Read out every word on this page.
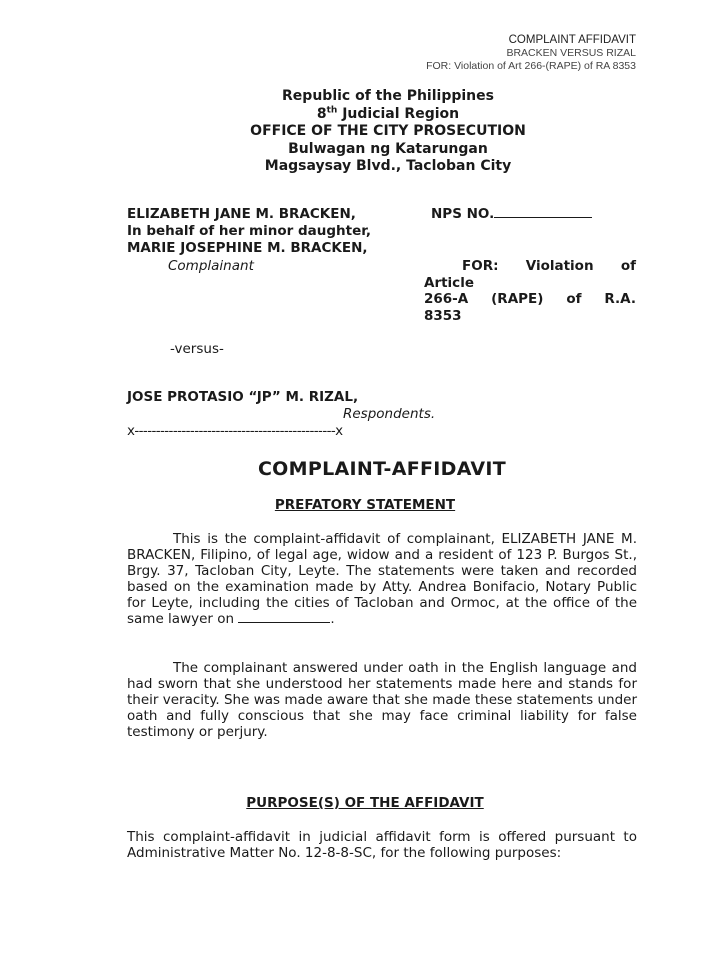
COMPLAINT AFFIDAVIT
BRACKEN VERSUS RIZAL
FOR: Violation of Art 266-(RAPE) of RA 8353
Republic of the Philippines
8th Judicial Region
OFFICE OF THE CITY PROSECUTION
Bulwagan ng Katarungan
Magsaysay Blvd., Tacloban City
ELIZABETH JANE M. BRACKEN,	NPS NO.
In behalf of her minor daughter,
MARIE JOSEPHINE M. BRACKEN,
Complainant	FOR: Violation of
Article
266-A (RAPE) of R.A.
8353
-versus-
JOSE PROTASIO “JP” M. RIZAL,
Respondents.
x-----------------------------------------------x
COMPLAINT-AFFIDAVIT
PREFATORY STATEMENT
This is the complaint-affidavit of complainant, ELIZABETH JANE M. BRACKEN, Filipino, of legal age, widow and a resident of 123 P. Burgos St., Brgy. 37, Tacloban City, Leyte. The statements were taken and recorded based on the examination made by Atty. Andrea Bonifacio, Notary Public for Leyte, including the cities of Tacloban and Ormoc, at the office of the same lawyer on	.
The complainant answered under oath in the English language and had sworn that she understood her statements made here and stands for their veracity. She was made aware that she made these statements under oath and fully conscious that she may face criminal liability for false testimony or perjury.
PURPOSE(S) OF THE AFFIDAVIT
This complaint-affidavit in judicial affidavit form is offered pursuant to Administrative Matter No. 12-8-8-SC, for the following purposes:
